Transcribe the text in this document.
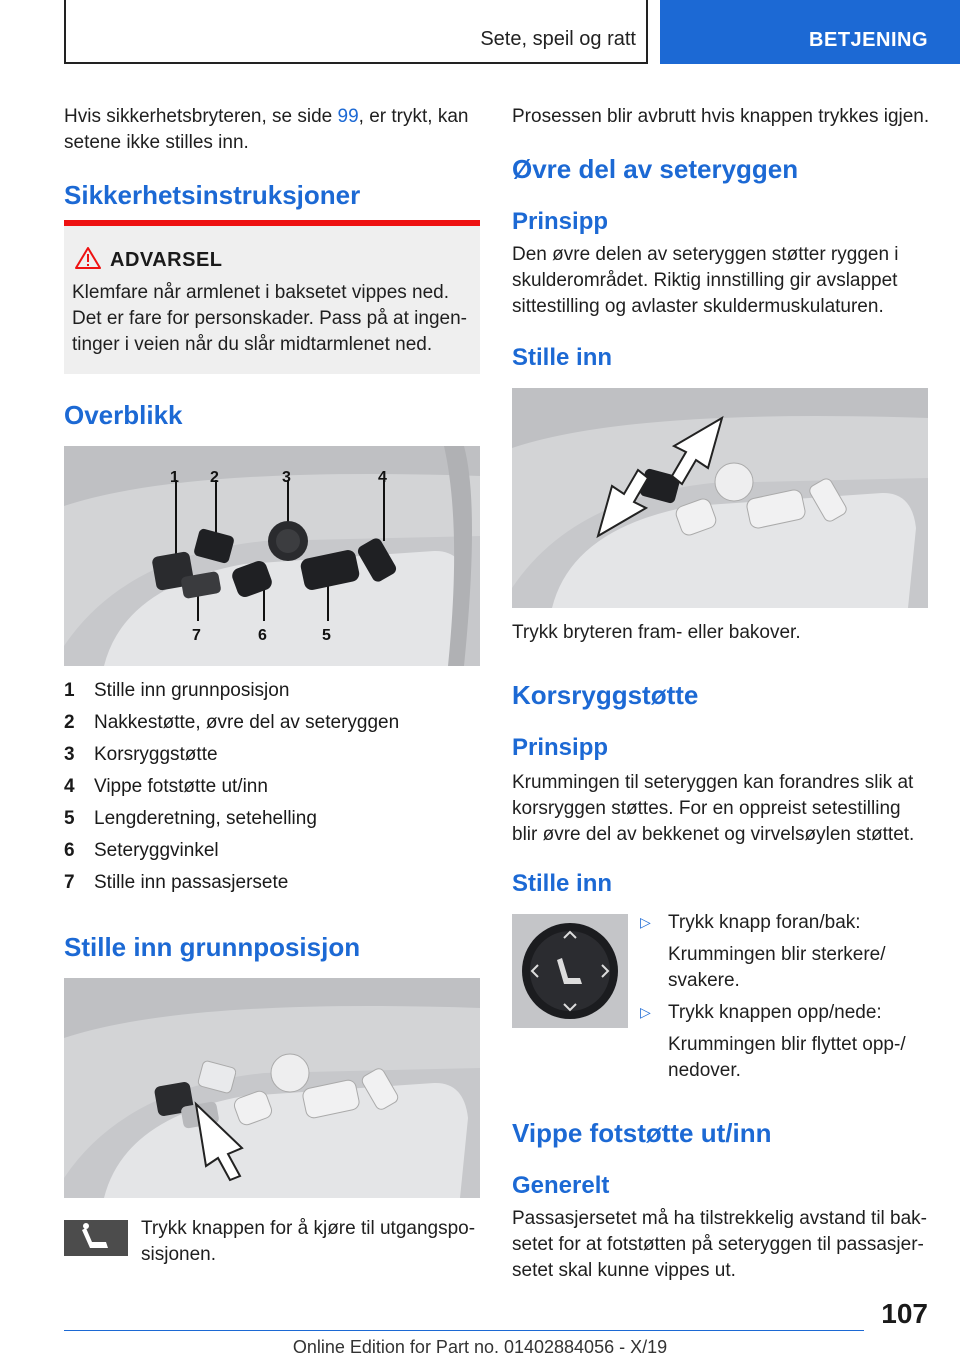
Sete, speil og ratt	BETJENING
Hvis sikkerhetsbryteren, se side 99, er trykt, kan
setene ikke stilles inn.
Sikkerhetsinstruksjoner
ADVARSEL
Klemfare når armlenet i baksetet vippes ned.
Det er fare for personskader. Pass på at ingen-
tinger i veien når du slår midtarmlenet ned.
Overblikk
1 2	3	4
5
6
7
1	Stille inn grunnposisjon
2	Nakkestøtte, øvre del av seteryggen
3	Korsryggstøtte
4	Vippe fotstøtte ut/inn
5	Lengderetning, setehelling
6	Seteryggvinkel
7	Stille inn passasjersete
Stille inn grunnposisjon
Trykk knappen for å kjøre til utgangspo-
sisjonen.
Prosessen blir avbrutt hvis knappen trykkes igjen.
Øvre del av seteryggen
Prinsipp
Den øvre delen av seteryggen støtter ryggen i
skulderområdet. Riktig innstilling gir avslappet
sittestilling og avlaster skuldermuskulaturen.
Stille inn
Trykk bryteren fram- eller bakover.
Korsryggstøtte
Prinsipp
Krummingen til seteryggen kan forandres slik at
korsryggen støttes. For en oppreist setestilling
blir øvre del av bekkenet og virvelsøylen støttet.
Stille inn
▷ Trykk knapp foran/bak:
Krummingen blir sterkere/
svakere.
▷ Trykk knappen opp/nede:
Krummingen blir flyttet opp-/
nedover.
Vippe fotstøtte ut/inn
Generelt
Passasjersetet må ha tilstrekkelig avstand til bak-
setet for at fotstøtten på seteryggen til passasjer-
setet skal kunne vippes ut.
107
Online Edition for Part no. 01402884056 - X/19
